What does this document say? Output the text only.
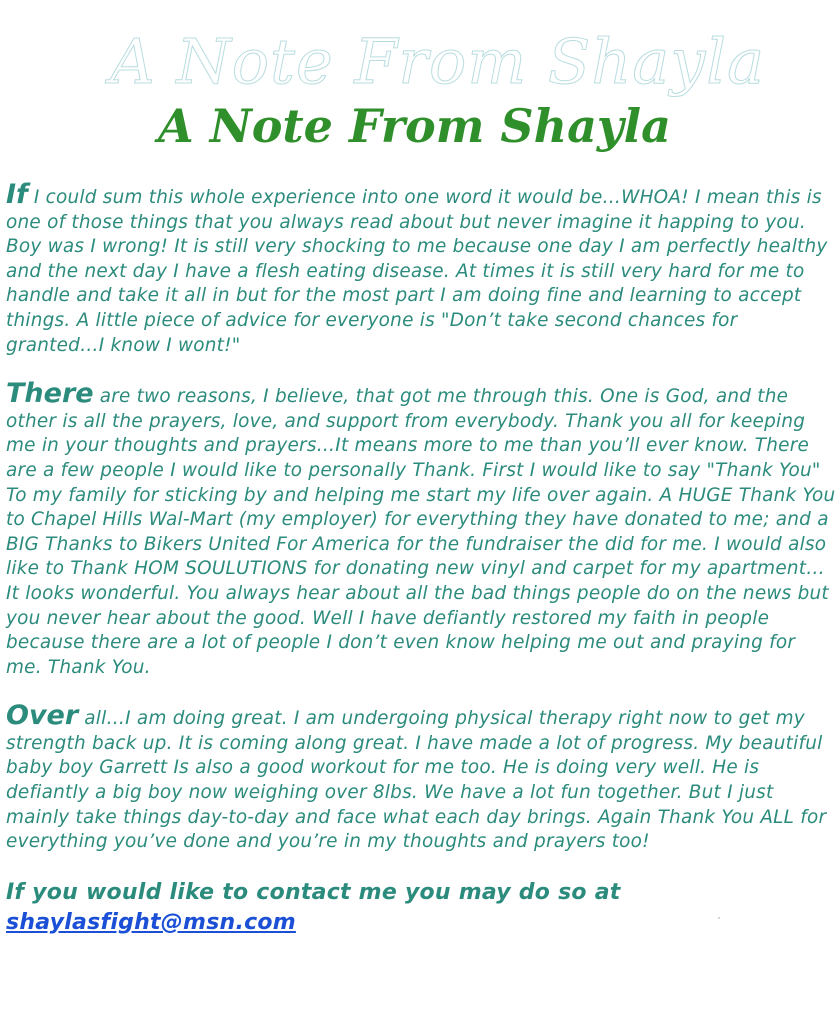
A Note From Shayla
A Note From Shayla

If I could sum this whole experience into one word it would be…WHOA! I mean this is one of those things that you always read about but never imagine it happing to you. Boy was I wrong! It is still very shocking to me because one day I am perfectly healthy and the next day I have a flesh eating disease. At times it is still very hard for me to handle and take it all in but for the most part I am doing fine and learning to accept things. A little piece of advice for everyone is "Don’t take second chances for granted…I know I wont!"

There are two reasons, I believe, that got me through this. One is God, and the other is all the prayers, love, and support from everybody. Thank you all for keeping me in your thoughts and prayers…It means more to me than you’ll ever know. There are a few people I would like to personally Thank. First I would like to say "Thank You" To my family for sticking by and helping me start my life over again. A HUGE Thank You to Chapel Hills Wal-Mart (my employer) for everything they have donated to me; and a BIG Thanks to Bikers United For America for the fundraiser the did for me. I would also like to Thank HOM SOULUTIONS for donating new vinyl and carpet for my apartment…It looks wonderful. You always hear about all the bad things people do on the news but you never hear about the good. Well I have defiantly restored my faith in people because there are a lot of people I don’t even know helping me out and praying for me. Thank You.

Over all…I am doing great. I am undergoing physical therapy right now to get my strength back up. It is coming along great. I have made a lot of progress. My beautiful baby boy Garrett Is also a good workout for me too. He is doing very well. He is defiantly a big boy now weighing over 8lbs. We have a lot fun together. But I just mainly take things day-to-day and face what each day brings. Again Thank You ALL for everything you’ve done and you’re in my thoughts and prayers too!

If you would like to contact me you may do so at

shaylasfight@msn.com
